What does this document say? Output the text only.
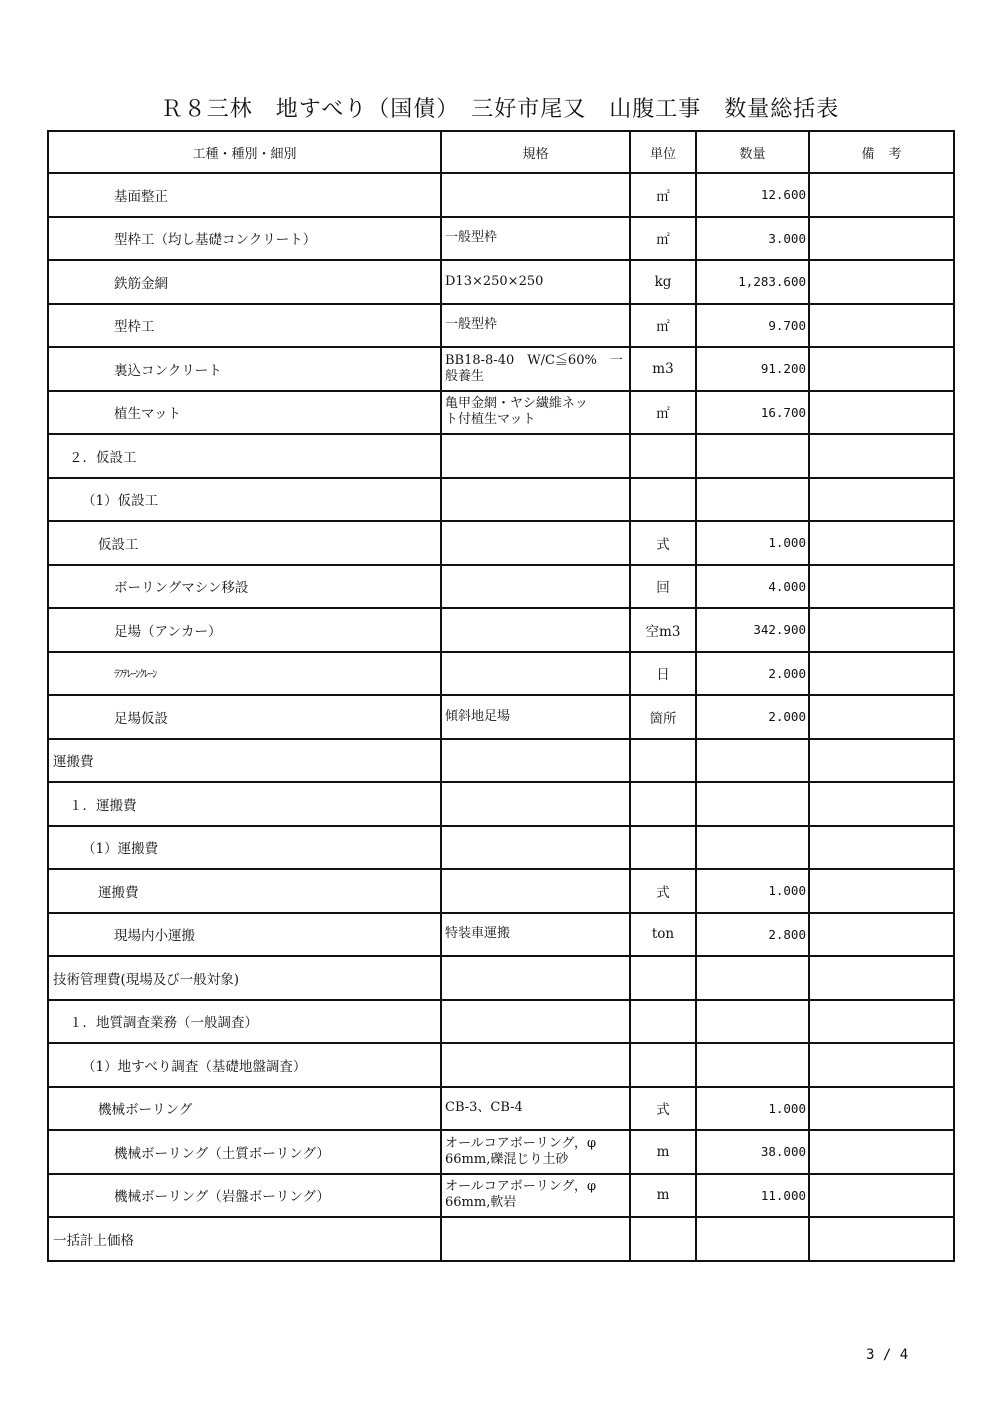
Ｒ８三林　地すべり（国債）　三好市尾又　山腹工事　数量総括表
工種・種別・細別	規格	単位	数量	備考
基面整正		㎡	12.600	
型枠工（均し基礎コンクリート）	一般型枠	㎡	3.000	
鉄筋金網	D13×250×250	kg	1,283.600	
型枠工	一般型枠	㎡	9.700	
裏込コンクリート	BB18-8-40　W/C≦60%　一
般養生	m3	91.200	
植生マット	亀甲金網・ヤシ繊維ネッ
ト付植生マット	㎡	16.700	
２．仮設工				
（1）仮設工				
仮設工		式	1.000	
ボーリングマシン移設		回	4.000	
足場（アンカー）		空m3	342.900	
ﾗﾌﾃﾚｰﾝｸﾚｰﾝ		日	2.000	
足場仮設	傾斜地足場	箇所	2.000	
運搬費				
１．運搬費				
（1）運搬費				
運搬費		式	1.000	
現場内小運搬	特装車運搬	ton	2.800	
技術管理費(現場及び一般対象)				
１．地質調査業務（一般調査）				
（1）地すべり調査（基礎地盤調査）				
機械ボーリング	CB-3、CB-4	式	1.000	
機械ボーリング（土質ボーリング）	オールコアボーリング，φ
66mm,礫混じり土砂	m	38.000	
機械ボーリング（岩盤ボーリング）	オールコアボーリング，φ
66mm,軟岩	m	11.000	
一括計上価格				
3 / 4
